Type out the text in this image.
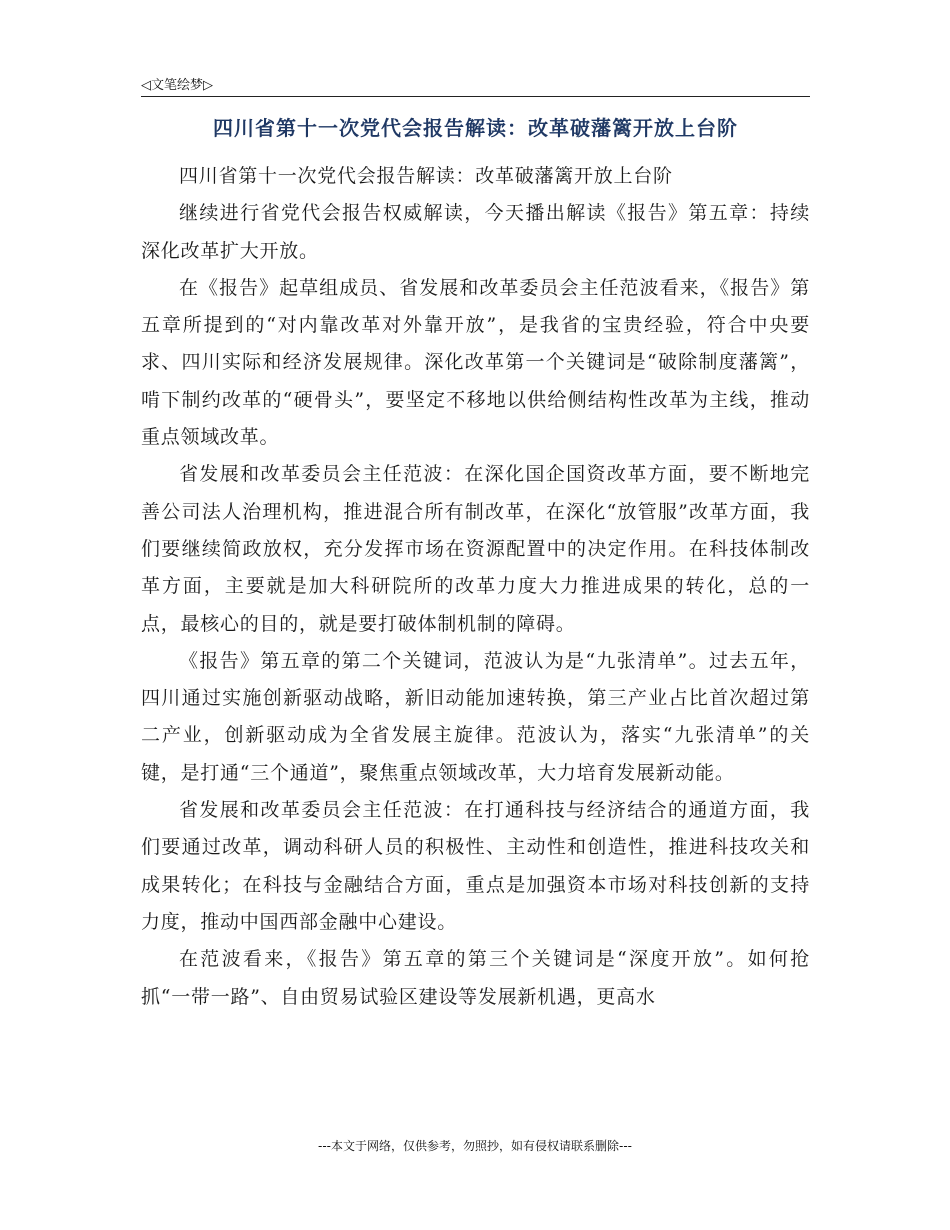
◁文笔绘梦▷
四川省第十一次党代会报告解读：改革破藩篱开放上台阶

四川省第十一次党代会报告解读：改革破藩篱开放上台阶

继续进行省党代会报告权威解读，今天播出解读《报告》第五章：持续深化改革扩大开放。

在《报告》起草组成员、省发展和改革委员会主任范波看来，《报告》第五章所提到的“对内靠改革对外靠开放”，是我省的宝贵经验，符合中央要求、四川实际和经济发展规律。深化改革第一个关键词是“破除制度藩篱”，啃下制约改革的“硬骨头”，要坚定不移地以供给侧结构性改革为主线，推动重点领域改革。

省发展和改革委员会主任范波：在深化国企国资改革方面，要不断地完善公司法人治理机构，推进混合所有制改革，在深化“放管服”改革方面，我们要继续简政放权，充分发挥市场在资源配置中的决定作用。在科技体制改革方面，主要就是加大科研院所的改革力度大力推进成果的转化，总的一点，最核心的目的，就是要打破体制机制的障碍。

《报告》第五章的第二个关键词，范波认为是“九张清单”。过去五年，四川通过实施创新驱动战略，新旧动能加速转换，第三产业占比首次超过第二产业，创新驱动成为全省发展主旋律。范波认为，落实“九张清单”的关键，是打通“三个通道”，聚焦重点领域改革，大力培育发展新动能。

省发展和改革委员会主任范波：在打通科技与经济结合的通道方面，我们要通过改革，调动科研人员的积极性、主动性和创造性，推进科技攻关和成果转化；在科技与金融结合方面，重点是加强资本市场对科技创新的支持力度，推动中国西部金融中心建设。

在范波看来，《报告》第五章的第三个关键词是“深度开放”。如何抢抓“一带一路”、自由贸易试验区建设等发展新机遇，更高水

---本文于网络，仅供参考，勿照抄，如有侵权请联系删除---
